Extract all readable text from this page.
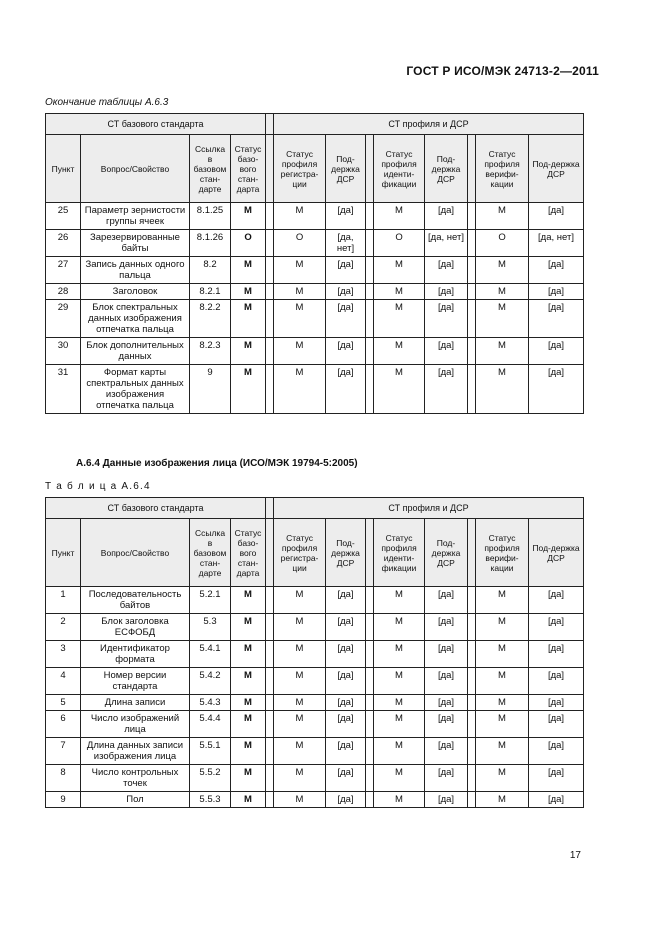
ГОСТ Р ИСО/МЭК 24713-2—2011
Окончание таблицы А.6.3
СТ базового стандарта					СТ профиля и ДСР							
Пункт	Вопрос/Свойство	Ссылка в базовом стан-дарте	Статус базо-вого стан-дарта		Статус профиля регистра-ции	Под-держка ДСР		Статус профиля иденти-фикации	Под-держка ДСР		Статус профиля верифи-кации	Под-держка ДСР
25	Параметр зернистости группы ячеек	8.1.25	M		M	[да]		M	[да]		M	[да]
26	Зарезервированные байты	8.1.26	O		O	[да, нет]		O	[да, нет]		O	[да, нет]
27	Запись данных одного пальца	8.2	M		M	[да]		M	[да]		M	[да]
28	Заголовок	8.2.1	M		M	[да]		M	[да]		M	[да]
29	Блок спектральных данных изображения отпечатка пальца	8.2.2	M		M	[да]		M	[да]		M	[да]
30	Блок дополнительных данных	8.2.3	M		M	[да]		M	[да]		M	[да]
31	Формат карты спектральных данных изображения отпечатка пальца	9	M		M	[да]		M	[да]		M	[да]
А.6.4 Данные изображения лица (ИСО/МЭК 19794-5:2005)
Т а б л и ц а А.6.4
СТ базового стандарта					СТ профиля и ДСР							
Пункт	Вопрос/Свойство	Ссылка в базовом стан-дарте	Статус базо-вого стан-дарта		Статус профиля регистра-ции	Под-держка ДСР		Статус профиля иденти-фикации	Под-держка ДСР		Статус профиля верифи-кации	Под-держка ДСР
1	Последовательность байтов	5.2.1	M		M	[да]		M	[да]		M	[да]
2	Блок заголовка ЕСФОБД	5.3	M		M	[да]		M	[да]		M	[да]
3	Идентификатор формата	5.4.1	M		M	[да]		M	[да]		M	[да]
4	Номер версии стандарта	5.4.2	M		M	[да]		M	[да]		M	[да]
5	Длина записи	5.4.3	M		M	[да]		M	[да]		M	[да]
6	Число изображений лица	5.4.4	M		M	[да]		M	[да]		M	[да]
7	Длина данных записи изображения лица	5.5.1	M		M	[да]		M	[да]		M	[да]
8	Число контрольных точек	5.5.2	M		M	[да]		M	[да]		M	[да]
9	Пол	5.5.3	M		M	[да]		M	[да]		M	[да]
17
